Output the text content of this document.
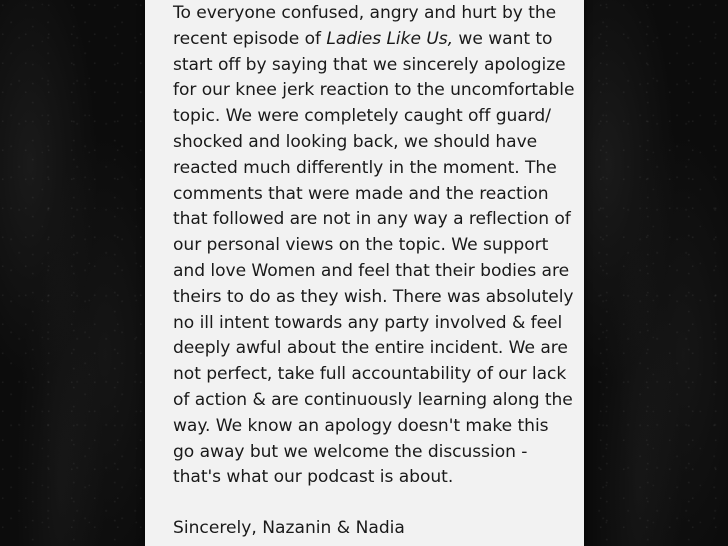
To everyone confused, angry and hurt by the
recent episode of Ladies Like Us, we want to
start off by saying that we sincerely apologize
for our knee jerk reaction to the uncomfortable
topic. We were completely caught off guard/
shocked and looking back, we should have
reacted much differently in the moment. The
comments that were made and the reaction
that followed are not in any way a reflection of
our personal views on the topic. We support
and love Women and feel that their bodies are
theirs to do as they wish. There was absolutely
no ill intent towards any party involved & feel
deeply awful about the entire incident. We are
not perfect, take full accountability of our lack
of action & are continuously learning along the
way. We know an apology doesn't make this
go away but we welcome the discussion -
that's what our podcast is about.

Sincerely, Nazanin & Nadia
